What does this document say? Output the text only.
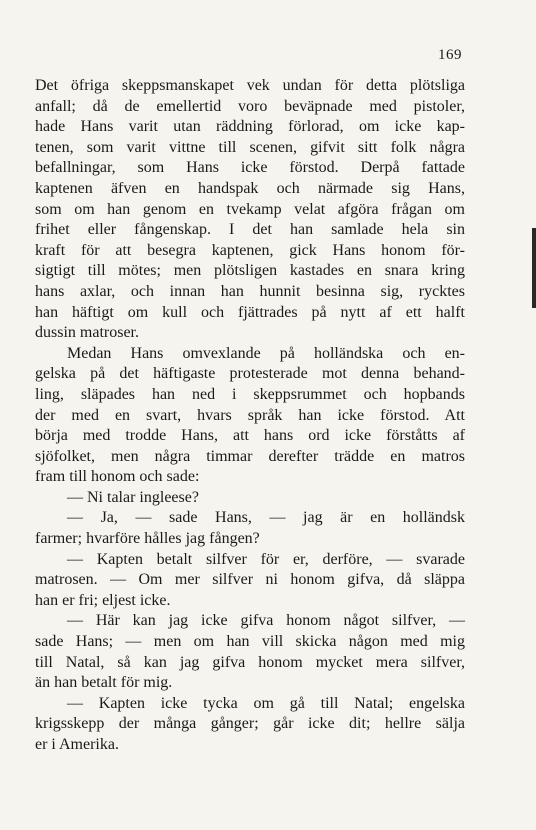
169
Det öfriga skeppsmanskapet vek undan för detta plötsliga
anfall; då de emellertid voro beväpnade med pistoler,
hade Hans varit utan räddning förlorad, om icke kap-
tenen, som varit vittne till scenen, gifvit sitt folk några
befallningar, som Hans icke förstod. Derpå fattade
kaptenen äfven en handspak och närmade sig Hans,
som om han genom en tvekamp velat afgöra frågan om
frihet eller fångenskap. I det han samlade hela sin
kraft för att besegra kaptenen, gick Hans honom för-
sigtigt till mötes; men plötsligen kastades en snara kring
hans axlar, och innan han hunnit besinna sig, rycktes
han häftigt om kull och fjättrades på nytt af ett halft
dussin matroser.
Medan Hans omvexlande på holländska och en-
gelska på det häftigaste protesterade mot denna behand-
ling, släpades han ned i skeppsrummet och hopbands
der med en svart, hvars språk han icke förstod. Att
börja med trodde Hans, att hans ord icke förståtts af
sjöfolket, men några timmar derefter trädde en matros
fram till honom och sade:
— Ni talar ingleese?
— Ja, — sade Hans, — jag är en holländsk
farmer; hvarföre hålles jag fången?
— Kapten betalt silfver för er, derföre, — svarade
matrosen. — Om mer silfver ni honom gifva, då släppa
han er fri; eljest icke.
— Här kan jag icke gifva honom något silfver, —
sade Hans; — men om han vill skicka någon med mig
till Natal, så kan jag gifva honom mycket mera silfver,
än han betalt för mig.
— Kapten icke tycka om gå till Natal; engelska
krigsskepp der många gånger; går icke dit; hellre sälja
er i Amerika.
